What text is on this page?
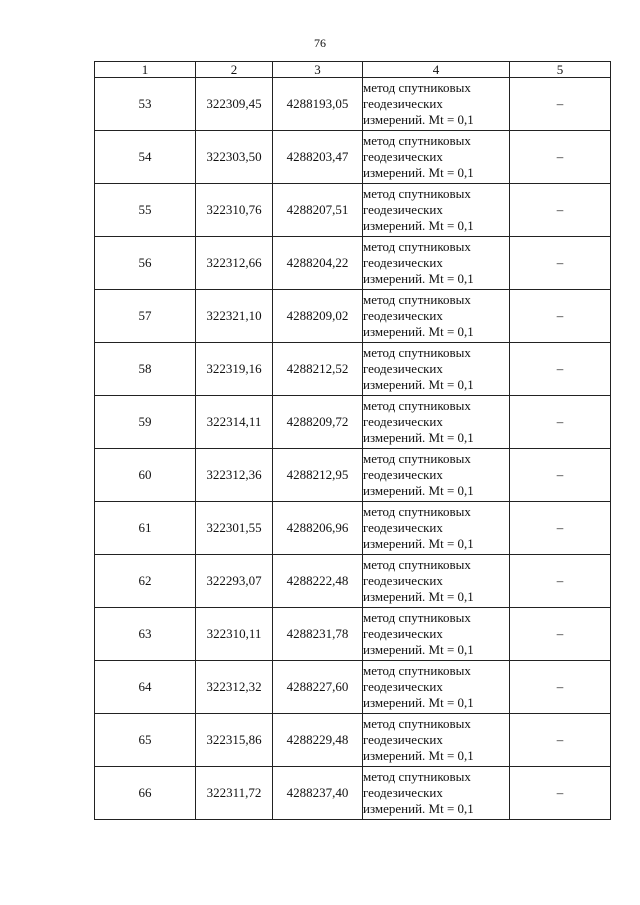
76
1	2	3	4	5
53	322309,45	4288193,05	метод спутниковых
геодезических
измерений. Mt = 0,1	–
54	322303,50	4288203,47	метод спутниковых
геодезических
измерений. Mt = 0,1	–
55	322310,76	4288207,51	метод спутниковых
геодезических
измерений. Mt = 0,1	–
56	322312,66	4288204,22	метод спутниковых
геодезических
измерений. Mt = 0,1	–
57	322321,10	4288209,02	метод спутниковых
геодезических
измерений. Mt = 0,1	–
58	322319,16	4288212,52	метод спутниковых
геодезических
измерений. Mt = 0,1	–
59	322314,11	4288209,72	метод спутниковых
геодезических
измерений. Mt = 0,1	–
60	322312,36	4288212,95	метод спутниковых
геодезических
измерений. Mt = 0,1	–
61	322301,55	4288206,96	метод спутниковых
геодезических
измерений. Mt = 0,1	–
62	322293,07	4288222,48	метод спутниковых
геодезических
измерений. Mt = 0,1	–
63	322310,11	4288231,78	метод спутниковых
геодезических
измерений. Mt = 0,1	–
64	322312,32	4288227,60	метод спутниковых
геодезических
измерений. Mt = 0,1	–
65	322315,86	4288229,48	метод спутниковых
геодезических
измерений. Mt = 0,1	–
66	322311,72	4288237,40	метод спутниковых
геодезических
измерений. Mt = 0,1	–
